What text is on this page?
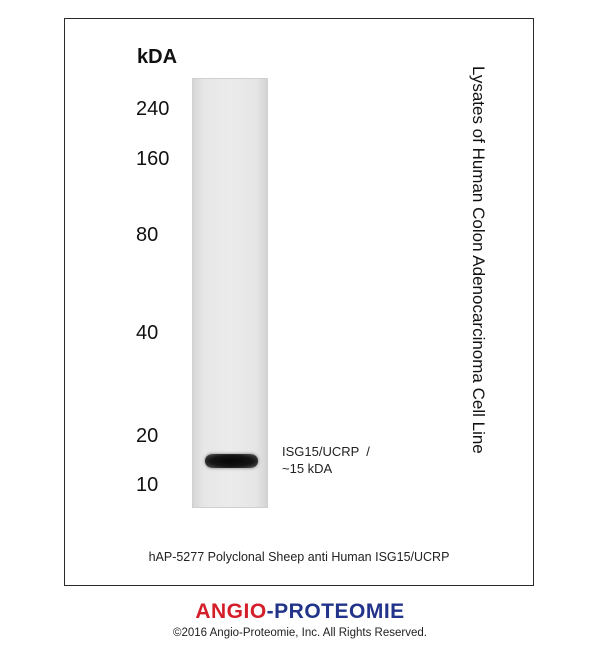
kDA
240
160
80
40
20
10
ISG15/UCRP  /
~15 kDA
Lysates of Human Colon Adenocarcinoma Cell Line
hAP-5277 Polyclonal Sheep anti Human ISG15/UCRP
ANGIO-PROTEOMIE
©2016 Angio-Proteomie, Inc. All Rights Reserved.
